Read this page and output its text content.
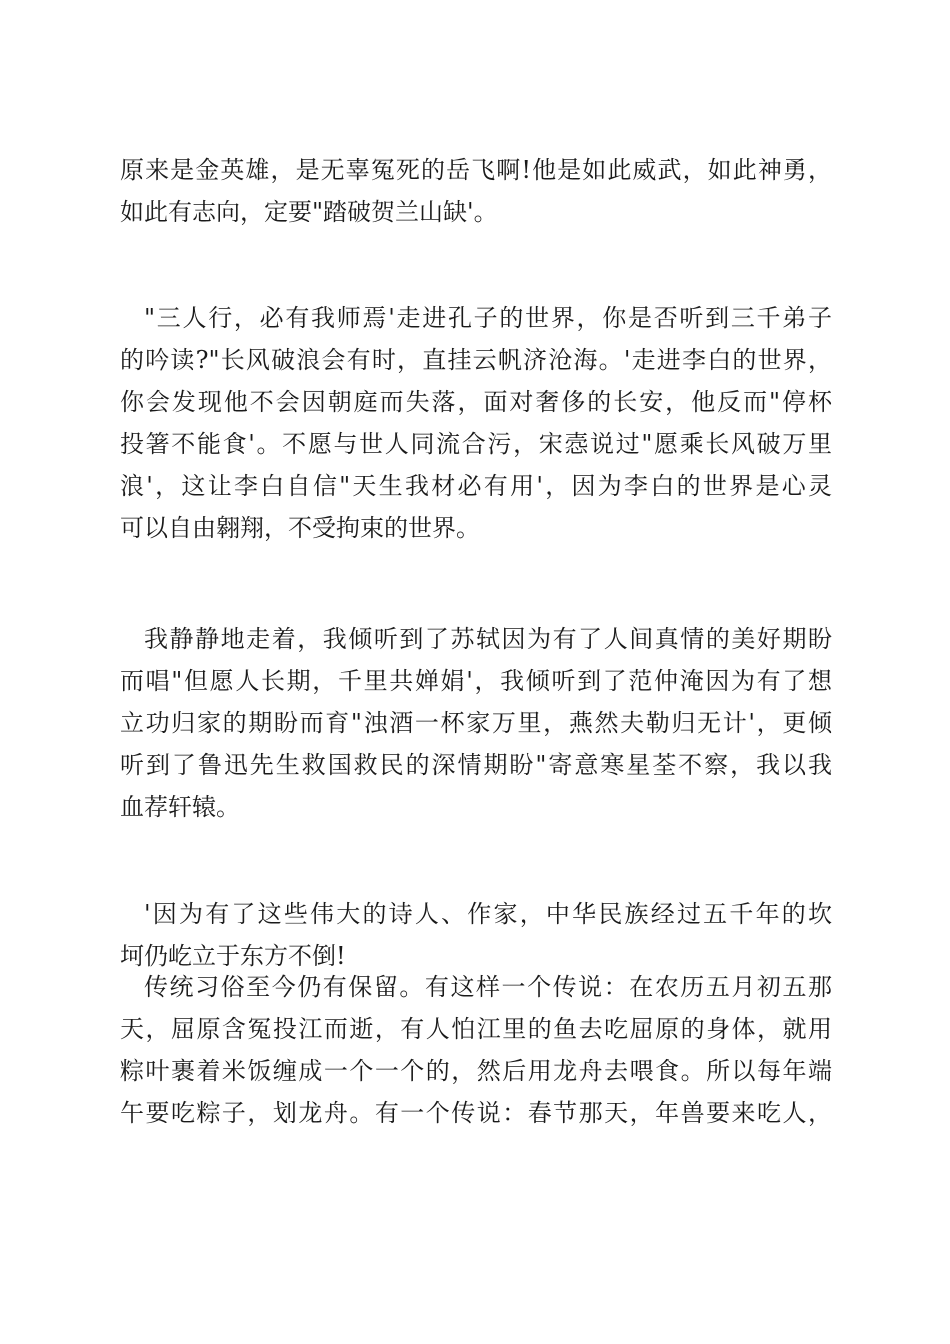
原来是金英雄，是无辜冤死的岳飞啊!他是如此威武，如此神勇，
如此有志向，定要"踏破贺兰山缺'。
"三人行，必有我师焉'走进孔子的世界，你是否听到三千弟子
的吟读?"长风破浪会有时，直挂云帆济沧海。'走进李白的世界，
你会发现他不会因朝庭而失落，面对奢侈的长安，他反而"停杯
投箸不能食'。不愿与世人同流合污，宋悫说过"愿乘长风破万里
浪'，这让李白自信"天生我材必有用'，因为李白的世界是心灵
可以自由翱翔，不受拘束的世界。
我静静地走着，我倾听到了苏轼因为有了人间真情的美好期盼
而唱"但愿人长期，千里共婵娟'，我倾听到了范仲淹因为有了想
立功归家的期盼而育"浊酒一杯家万里，燕然夫勒归无计'，更倾
听到了鲁迅先生救国救民的深情期盼"寄意寒星荃不察，我以我
血荐轩辕。
'因为有了这些伟大的诗人、作家，中华民族经过五千年的坎
坷仍屹立于东方不倒!
传统习俗至今仍有保留。有这样一个传说：在农历五月初五那
天，屈原含冤投江而逝，有人怕江里的鱼去吃屈原的身体，就用
粽叶裹着米饭缠成一个一个的，然后用龙舟去喂食。所以每年端
午要吃粽子，划龙舟。有一个传说：春节那天，年兽要来吃人，
